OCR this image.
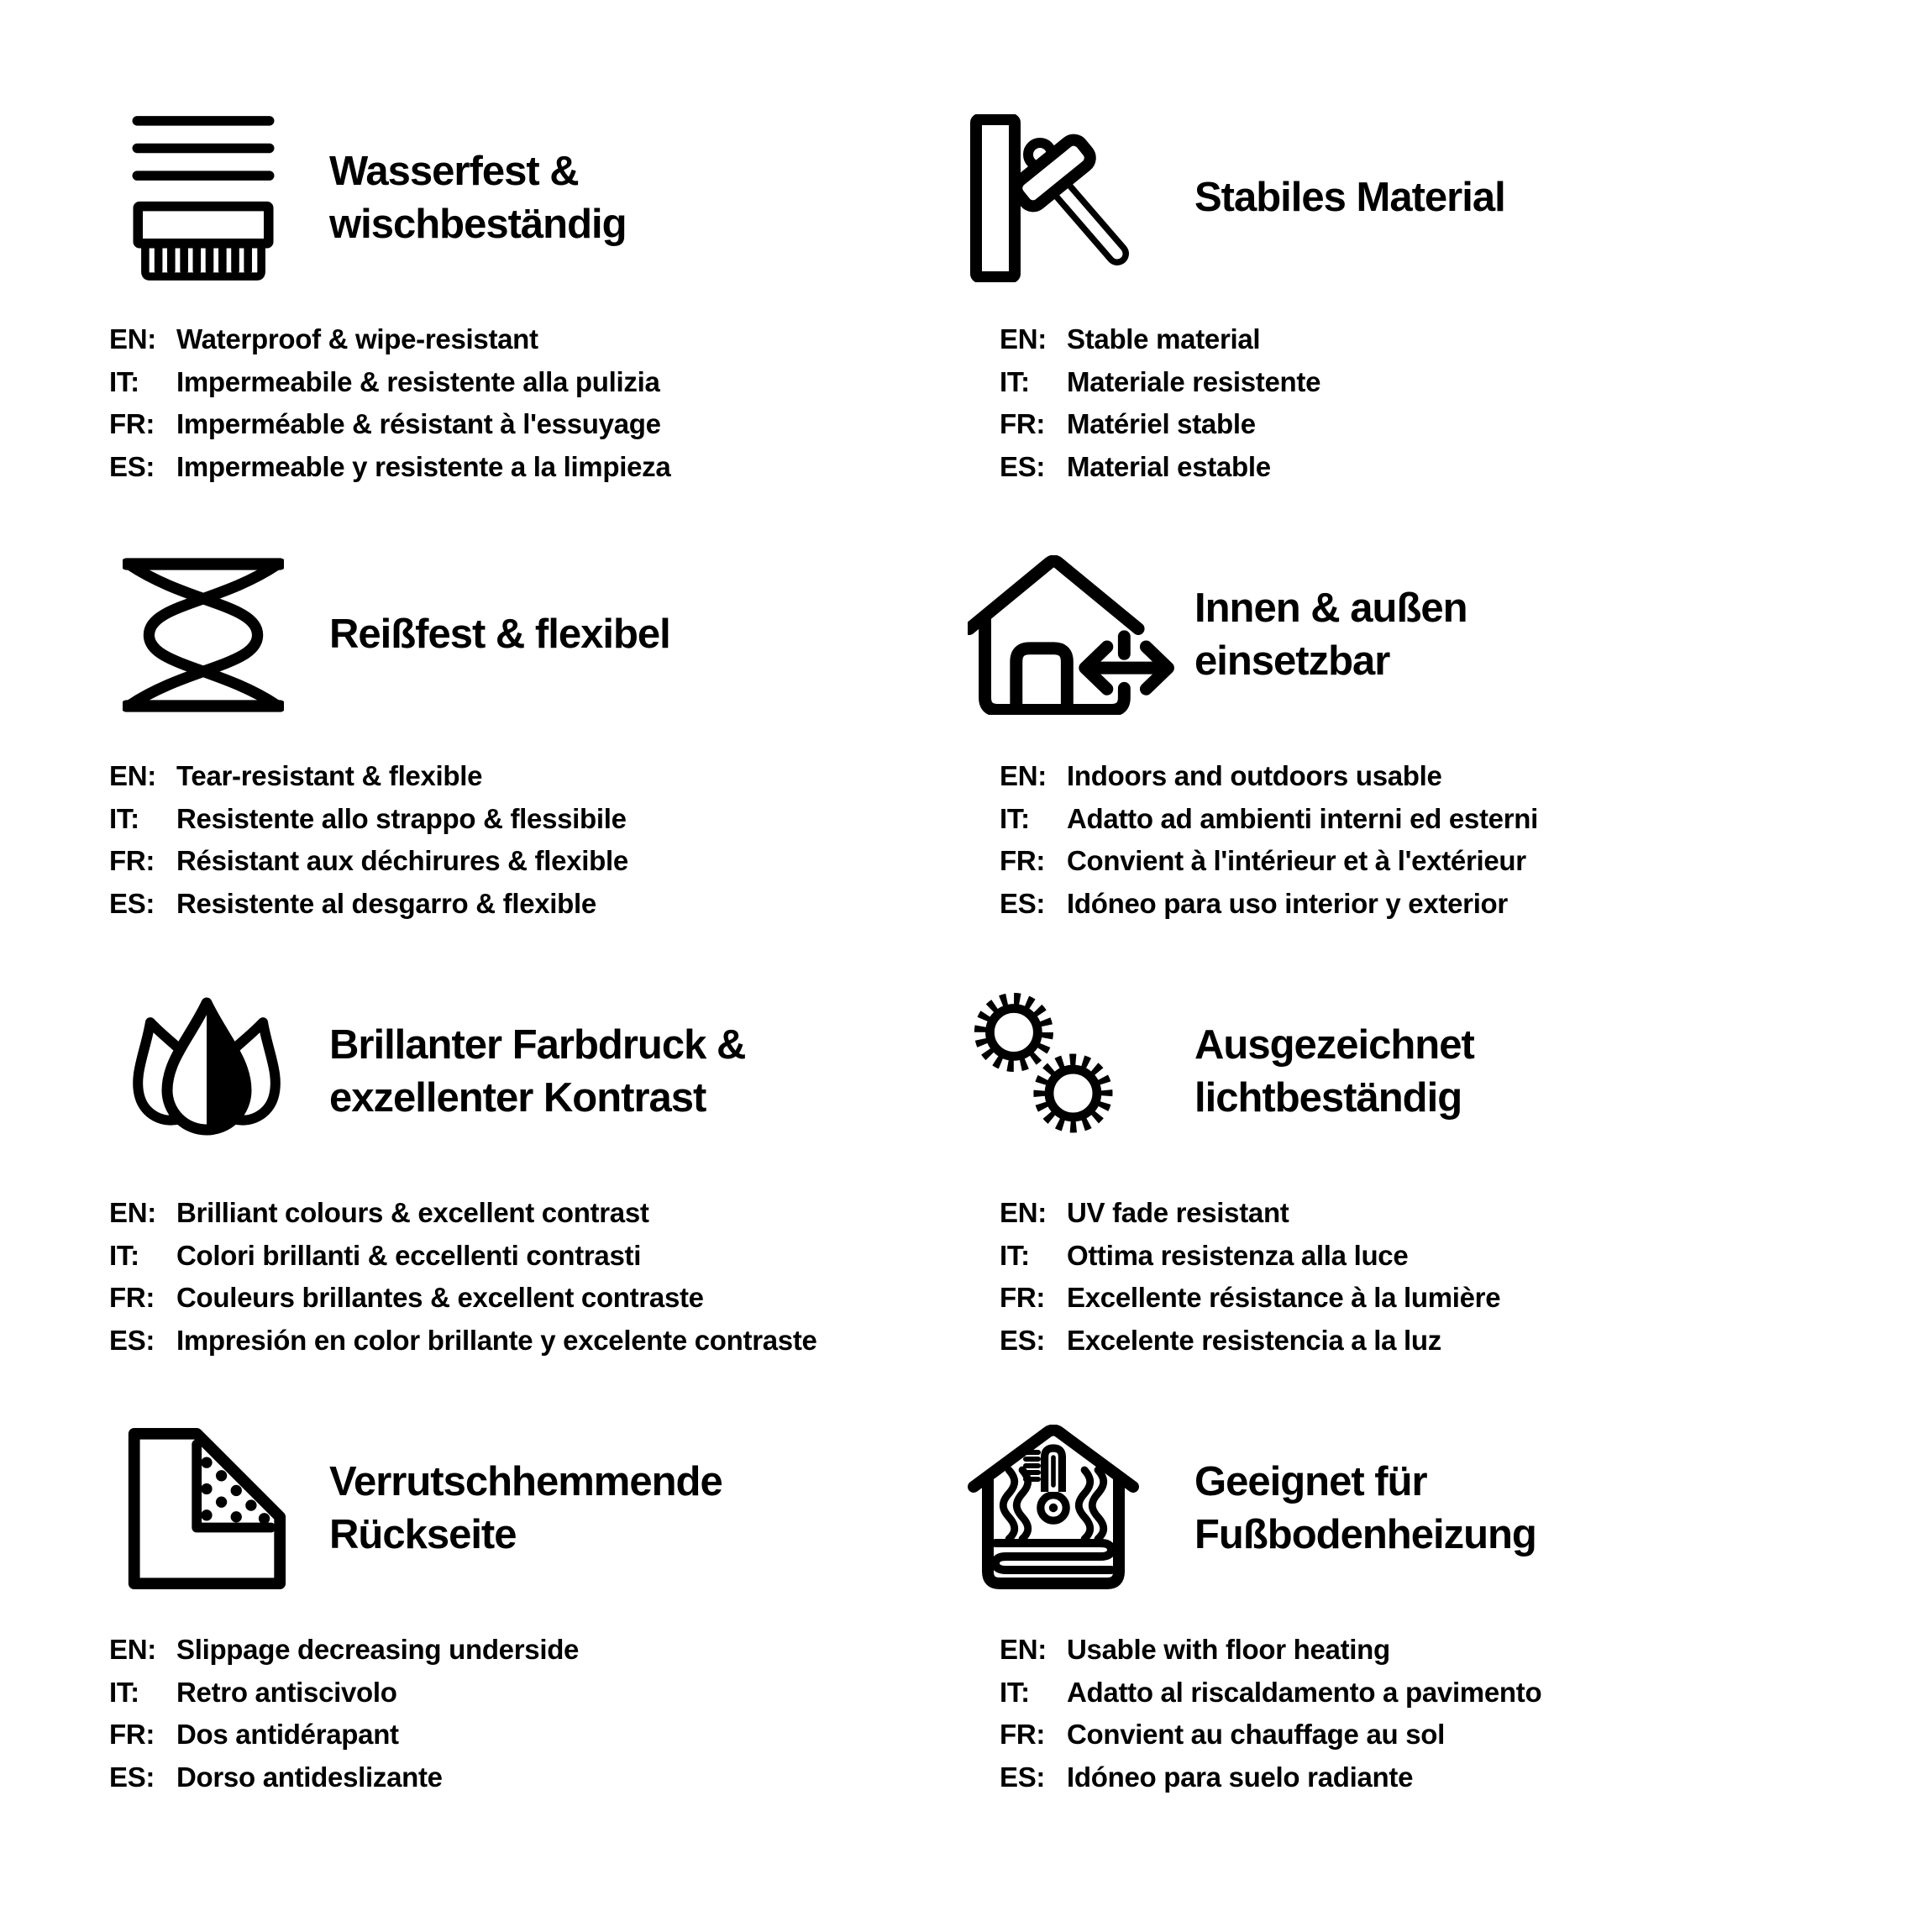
Wasserfest &
wischbeständig
EN: Waterproof & wipe-resistant
IT:	Impermeabile & resistente alla pulizia
FR: Imperméable & résistant à l'essuyage
ES: Impermeable y resistente a la limpieza
Stabiles Material
EN: Stable material
IT:	Materiale resistente
FR: Matériel stable
ES: Material estable
Reißfest & flexibel
EN: Tear-resistant & flexible
IT:	Resistente allo strappo & flessibile
FR: Résistant aux déchirures & flexible
ES: Resistente al desgarro & flexible
Innen & außen
einsetzbar
EN: Indoors and outdoors usable
IT:	Adatto ad ambienti interni ed esterni
FR: Convient à l'intérieur et à l'extérieur
ES: Idóneo para uso interior y exterior
Brillanter Farbdruck &
exzellenter Kontrast
EN: Brilliant colours & excellent contrast
IT:	Colori brillanti & eccellenti contrasti
FR: Couleurs brillantes & excellent contraste
ES: Impresión en color brillante y excelente contraste
Ausgezeichnet
lichtbeständig
EN: UV fade resistant
IT:	Ottima resistenza alla luce
FR: Excellente résistance à la lumière
ES: Excelente resistencia a la luz
Verrutschhemmende
Rückseite
EN: Slippage decreasing underside
IT:	Retro antiscivolo
FR: Dos antidérapant
ES: Dorso antideslizante
Geeignet für
Fußbodenheizung
EN: Usable with floor heating
IT:	Adatto al riscaldamento a pavimento
FR: Convient au chauffage au sol
ES: Idóneo para suelo radiante
